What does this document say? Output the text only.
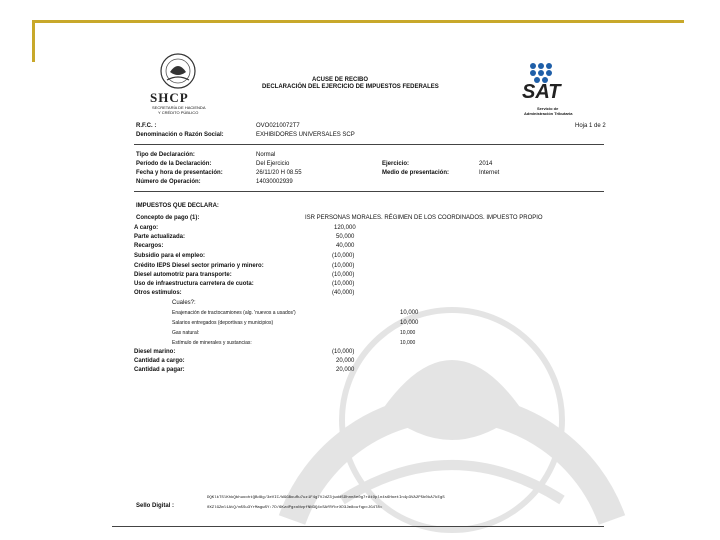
SHCP
SECRETARÍA DE HACIENDA
Y CRÉDITO PÚBLICO
ACUSE DE RECIBO
DECLARACIÓN DEL EJERCICIO DE IMPUESTOS FEDERALES	SAT
Servicio de
Administración Tributaria
R.F.C. :	OVO0210072T7	Hoja 1 de 2
Denominación o Razón Social:	EXHIBIDORES UNIVERSALES SCP
Tipo de Declaración:	Normal
Período de la Declaración:	Del Ejercicio	Ejercicio:	2014
Fecha y hora de presentación:	26/11/20 H 08.55	Medio de presentación:	Internet
Número de Operación:	14030002939
IMPUESTOS QUE DECLARA:
Concepto de pago (1):	ISR PERSONAS MORALES. RÉGIMEN DE LOS COORDINADOS. IMPUESTO PROPIO
A cargo:	120,000
Parte actualizada:	50,000
Recargos:	40,000
Subsidio para el empleo:	(10,000)
Crédito IEPS Diesel sector primario y minero:	(10,000)
Diesel automotriz para transporte:	(10,000)
Uso de infraestructura carretera de cuota:	(10,000)
Otros estímulos:	(40,000)
Cuales?:
Enajenación de tractocamiones (alg. 'nuevos a usados')	10,000
Salarios entregados (deportivas y municipios)	10,000
Gas natural:	10,000
Estímulo de minerales y sustancias:	10,000
Diesel marino:	(10,000)
Cantidad a cargo:	20,000
Cantidad a pagar:	20,000
Sello Digital :
DQKlkTSlKhkQbhuoohtQBd8g/3eVIC/WGGBouRu7uz1F4g7VJdZ3jwdd5Dhnn8e0g7rAtOpln4s6HoetIn4p3VA2P5b0kA7kEgS
0XZlGZml1AtQ/m5Su3YrMagwSY:7D/6KzdPgxoNvpfNN3Q4cSAfRfbrXD3Jm8oufqpcJG4T8=
